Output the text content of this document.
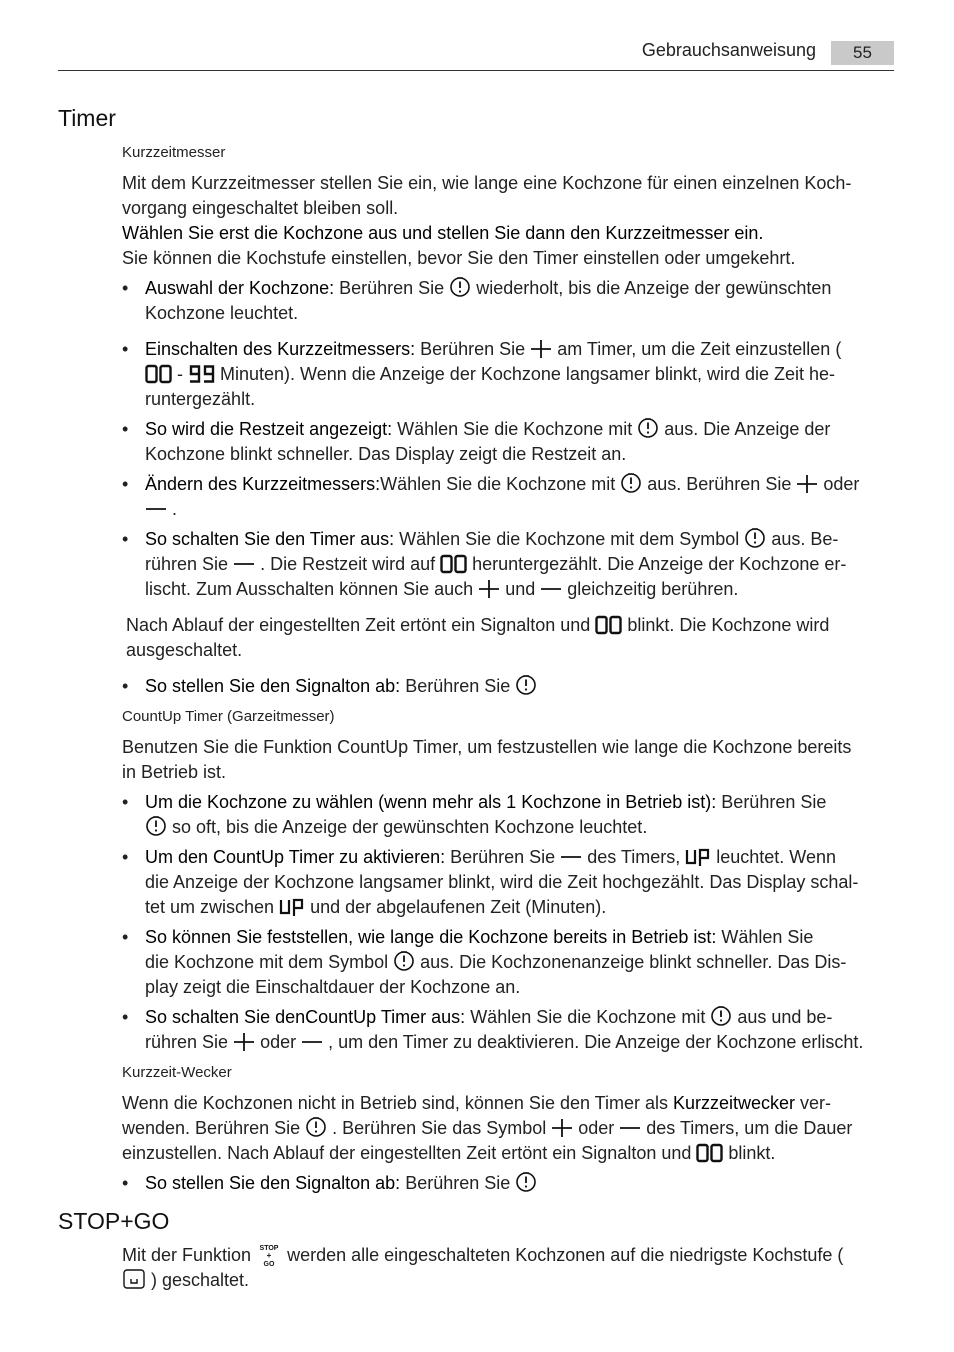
Gebrauchsanweisung	55
Timer
Kurzzeitmesser
Mit dem Kurzzeitmesser stellen Sie ein, wie lange eine Kochzone für einen einzelnen Koch-
vorgang eingeschaltet bleiben soll.
Wählen Sie erst die Kochzone aus und stellen Sie dann den Kurzzeitmesser ein.
Sie können die Kochstufe einstellen, bevor Sie den Timer einstellen oder umgekehrt.
• Auswahl der Kochzone: Berühren Sie
wiederholt, bis die Anzeige der gewünschten
Kochzone leuchtet.
• Einschalten des Kurzzeitmessers: Berühren Sie
am Timer, um die Zeit einzustellen (
-
Minuten). Wenn die Anzeige der Kochzone langsamer blinkt, wird die Zeit he-
runtergezählt.
• So wird die Restzeit angezeigt: Wählen Sie die Kochzone mit
aus. Die Anzeige der
Kochzone blinkt schneller. Das Display zeigt die Restzeit an.
• Ändern des Kurzzeitmessers:Wählen Sie die Kochzone mit
aus. Berühren Sie
oder
.
• So schalten Sie den Timer aus: Wählen Sie die Kochzone mit dem Symbol
aus. Be-
rühren Sie
. Die Restzeit wird auf
heruntergezählt. Die Anzeige der Kochzone er-
lischt. Zum Ausschalten können Sie auch
und
gleichzeitig berühren.
Nach Ablauf der eingestellten Zeit ertönt ein Signalton und
blinkt. Die Kochzone wird
ausgeschaltet.
• So stellen Sie den Signalton ab: Berühren Sie
CountUp Timer (Garzeitmesser)
Benutzen Sie die Funktion CountUp Timer, um festzustellen wie lange die Kochzone bereits
in Betrieb ist.
• Um die Kochzone zu wählen (wenn mehr als 1 Kochzone in Betrieb ist): Berühren Sie
so oft, bis die Anzeige der gewünschten Kochzone leuchtet.
• Um den CountUp Timer zu aktivieren: Berühren Sie
des Timers,
leuchtet. Wenn
die Anzeige der Kochzone langsamer blinkt, wird die Zeit hochgezählt. Das Display schal-
tet um zwischen
und der abgelaufenen Zeit (Minuten).
• So können Sie feststellen, wie lange die Kochzone bereits in Betrieb ist: Wählen Sie
die Kochzone mit dem Symbol
aus. Die Kochzonenanzeige blinkt schneller. Das Dis-
play zeigt die Einschaltdauer der Kochzone an.
• So schalten Sie denCountUp Timer aus: Wählen Sie die Kochzone mit
aus und be-
rühren Sie
oder
, um den Timer zu deaktivieren. Die Anzeige der Kochzone erlischt.
Kurzzeit-Wecker
Wenn die Kochzonen nicht in Betrieb sind, können Sie den Timer als Kurzzeitwecker ver-
wenden. Berühren Sie
. Berühren Sie das Symbol
oder
des Timers, um die Dauer
einzustellen. Nach Ablauf der eingestellten Zeit ertönt ein Signalton und
blinkt.
• So stellen Sie den Signalton ab: Berühren Sie
STOP+GO
Mit der Funktion STOP
+
GO werden alle eingeschalteten Kochzonen auf die niedrigste Kochstufe (
) geschaltet.
